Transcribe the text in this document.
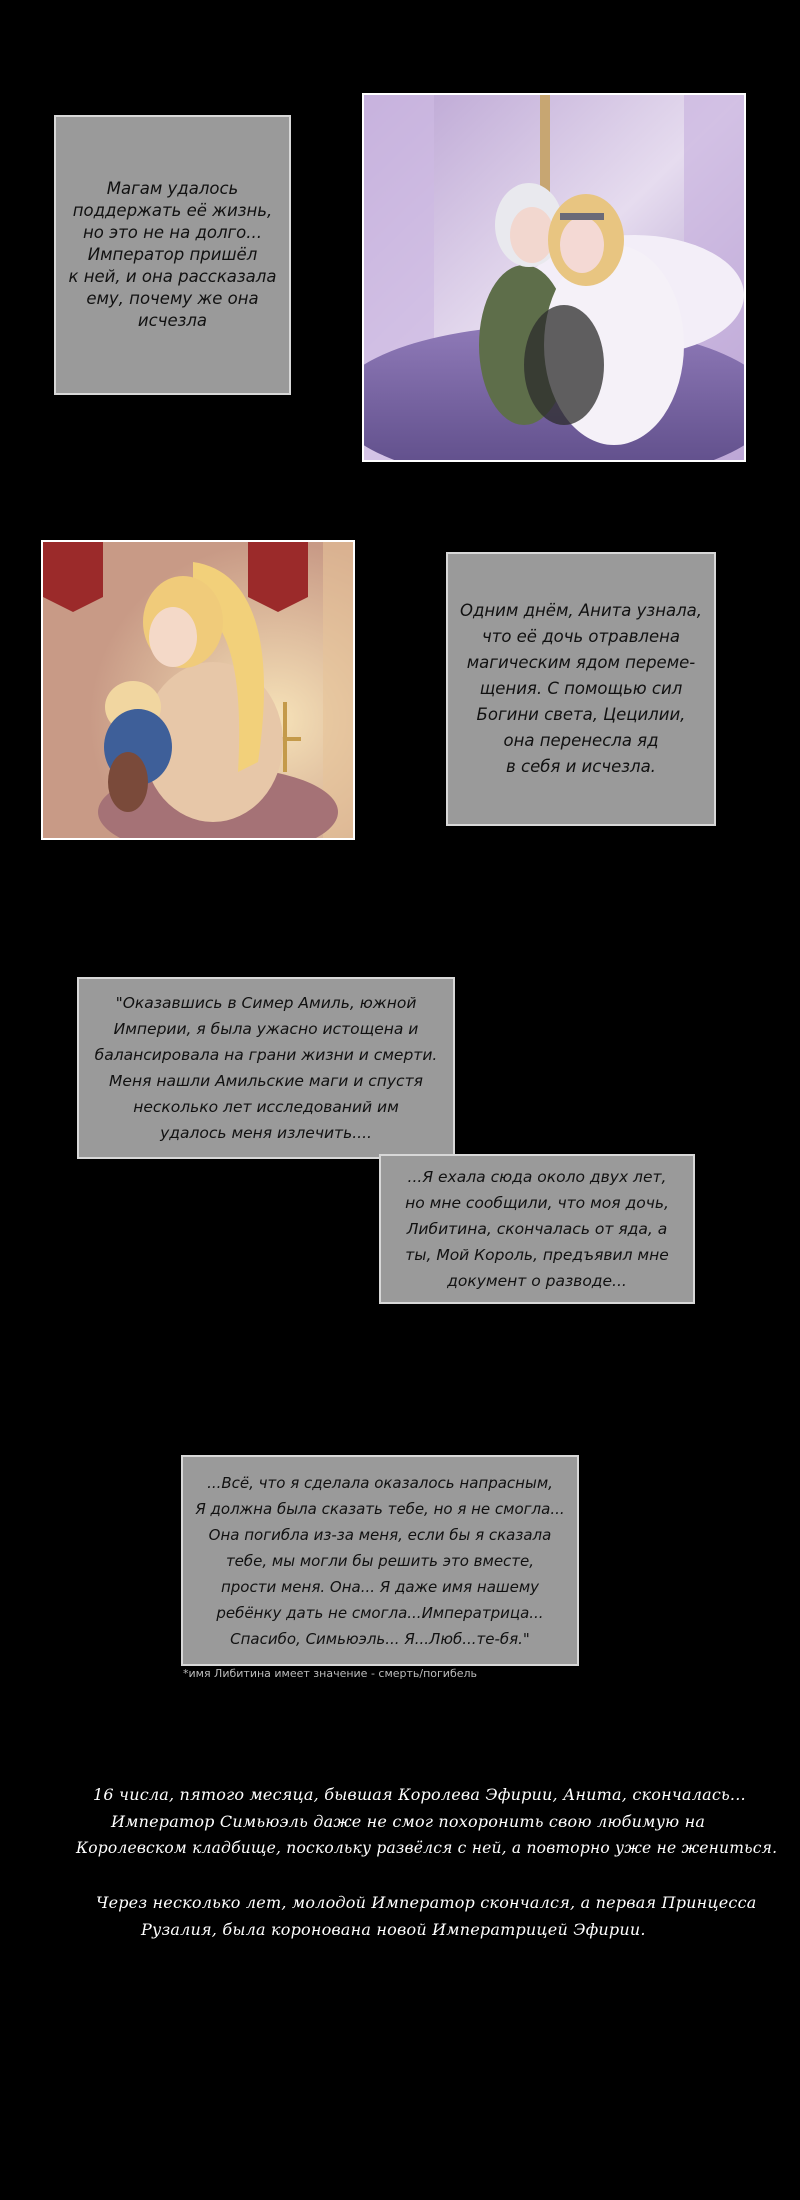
Магам удалось
поддержать её жизнь,
но это не на долго...
Император пришёл
к ней, и она рассказала
ему, почему же она
исчезла
Одним днём, Анита узнала,
что её дочь отравлена
магическим ядом переме-
щения. С помощью сил
Богини света, Цецилии,
она перенесла яд
в себя и исчезла.
"Оказавшись в Симер Амиль, южной
Империи, я была ужасно истощена и
балансировала на грани жизни и смерти.
Меня нашли Амильские маги и спустя
несколько лет исследований им
удалось меня излечить....
...Я ехала сюда около двух лет,
но мне сообщили, что моя дочь,
Либитина, скончалась от яда, а
ты, Мой Король, предъявил мне
документ о разводе...
...Всё, что я сделала оказалось напрасным,
Я должна была сказать тебе, но я не смогла...
Она погибла из-за меня, если бы я сказала
тебе, мы могли бы решить это вместе,
прости меня. Она... Я даже имя нашему
ребёнку дать не смогла...Императрица...
Спасибо, Симьюэль... Я...Люб...те-бя."
*имя Либитина имеет значение - смерть/погибель
16 числа, пятого месяца, бывшая Королева Эфирии, Анита, скончалась...
Император Симьюэль даже не смог похоронить свою любимую на
Королевском кладбище, поскольку развёлся с ней, а повторно уже не жениться.
Через несколько лет, молодой Император скончался, а первая Принцесса
Рузалия, была коронована новой Императрицей Эфирии.
